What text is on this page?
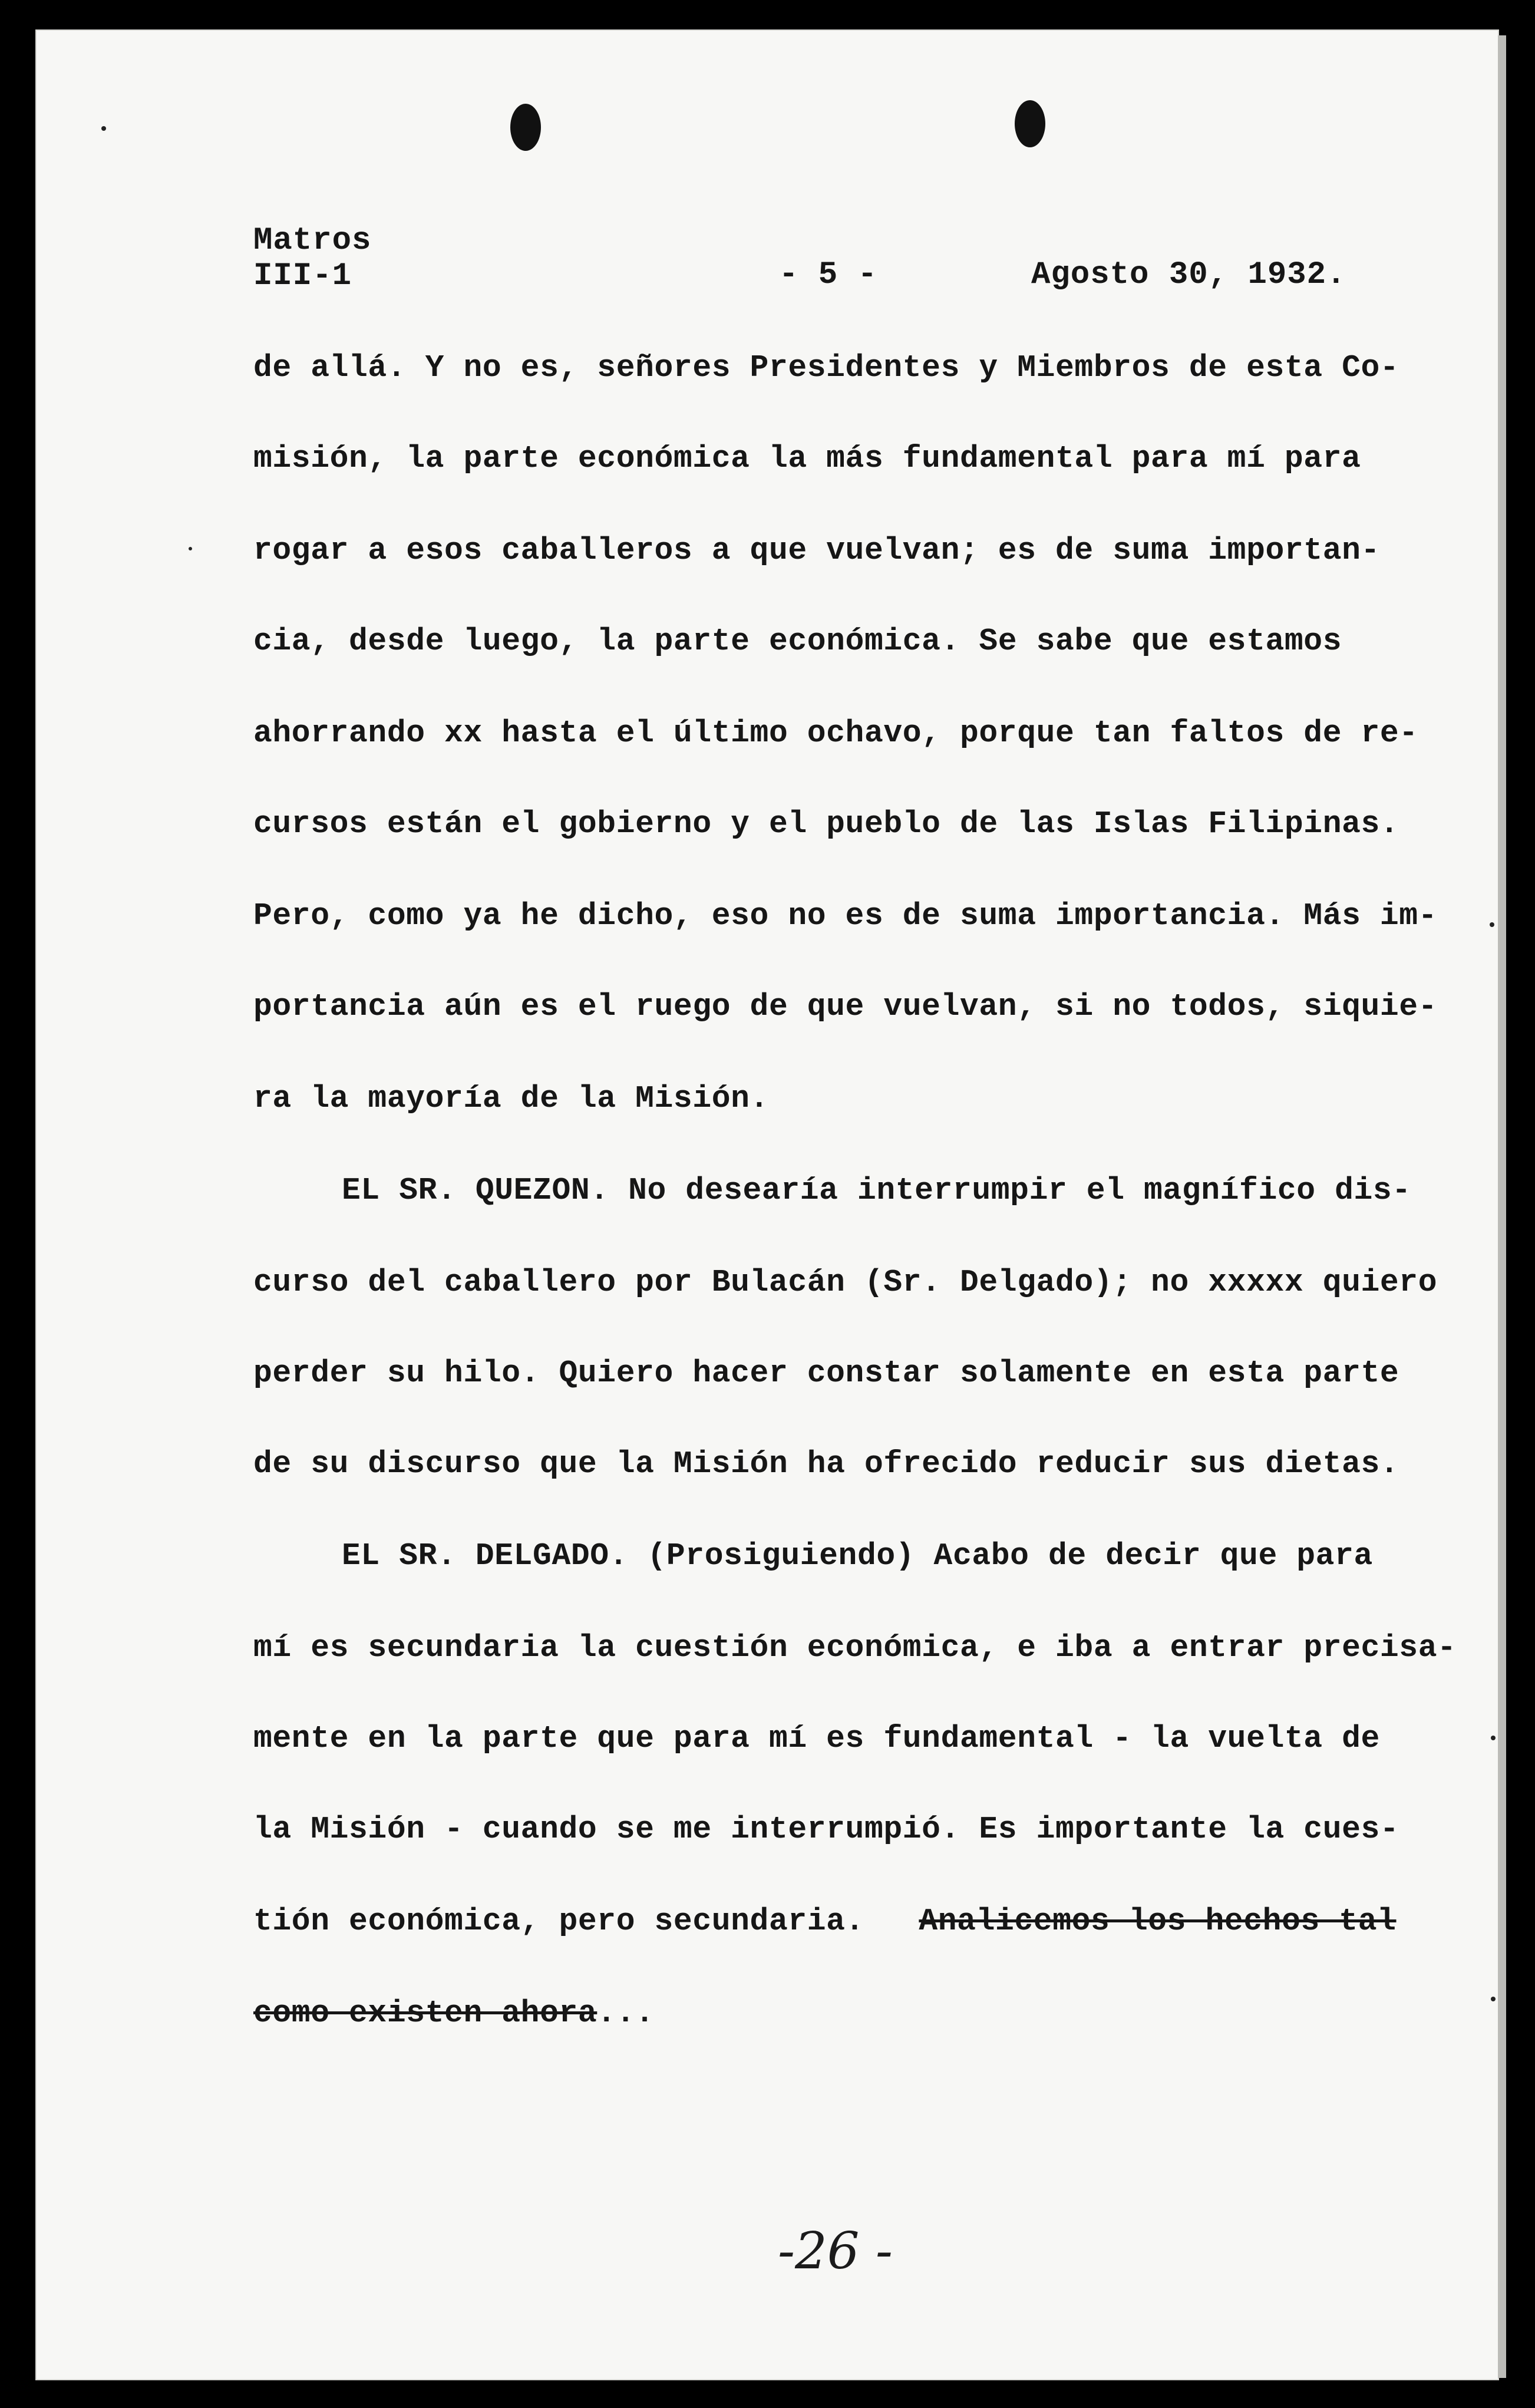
Matros
III-1	- 5 -	Agosto 30, 1932.
de allá. Y no es, señores Presidentes y Miembros de esta Co-
misión, la parte económica la más fundamental para mí para
rogar a esos caballeros a que vuelvan; es de suma importan-
cia, desde luego, la parte económica. Se sabe que estamos
ahorrando xx hasta el último ochavo, porque tan faltos de re-
cursos están el gobierno y el pueblo de las Islas Filipinas.
Pero, como ya he dicho, eso no es de suma importancia. Más im-
portancia aún es el ruego de que vuelvan, si no todos, siquie-
ra la mayoría de la Misión.
EL SR. QUEZON. No desearía interrumpir el magnífico dis-
curso del caballero por Bulacán (Sr. Delgado); no xxxxx quiero
perder su hilo. Quiero hacer constar solamente en esta parte
de su discurso que la Misión ha ofrecido reducir sus dietas.
EL SR. DELGADO. (Prosiguiendo) Acabo de decir que para
mí es secundaria la cuestión económica, e iba a entrar precisa-
mente en la parte que para mí es fundamental - la vuelta de
la Misión - cuando se me interrumpió. Es importante la cues-
tión económica, pero secundaria. Analicemos los hechos tal
como existen ahora...
-26 -
